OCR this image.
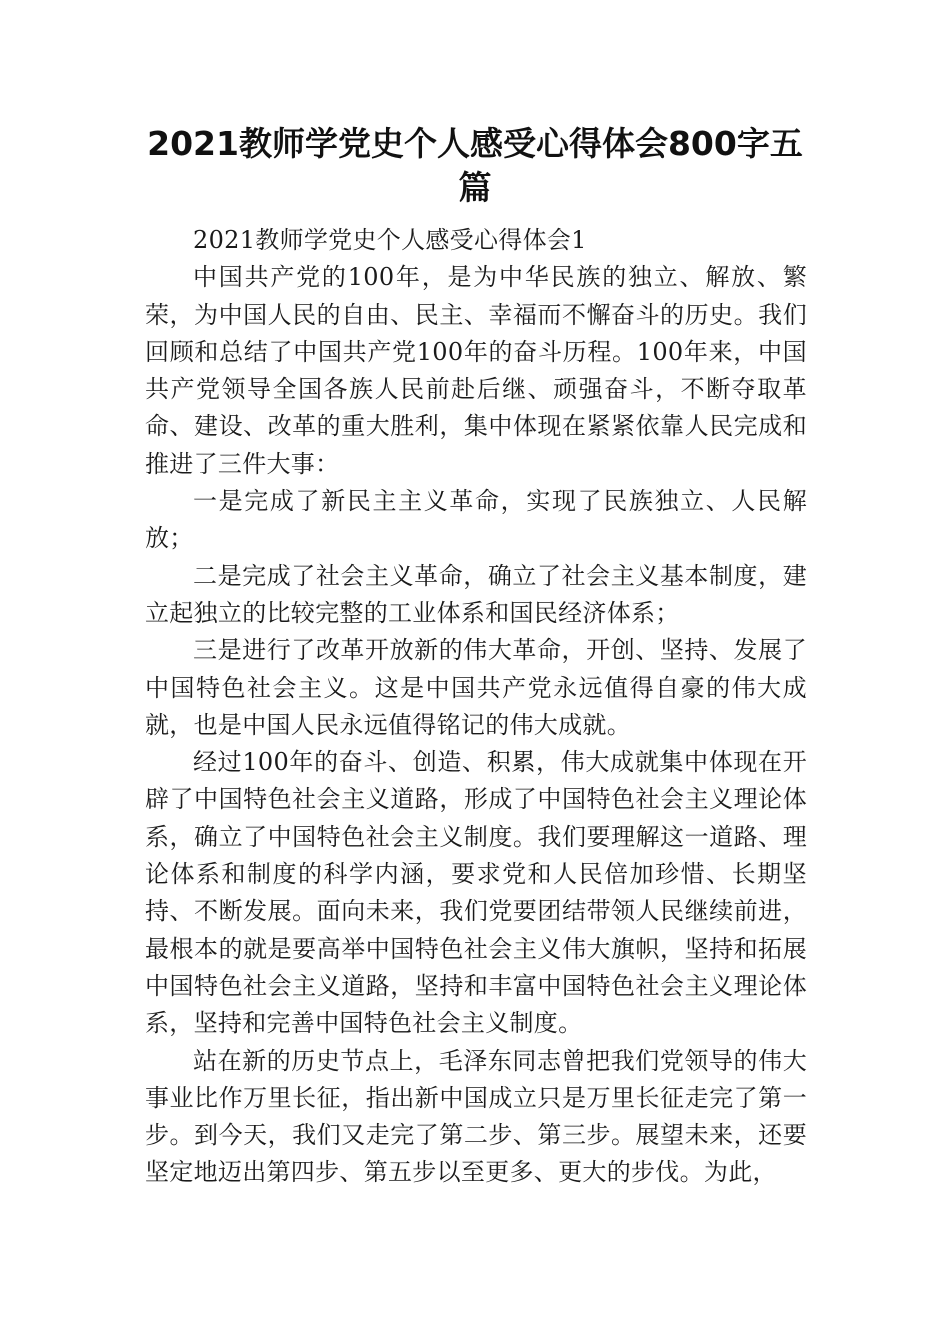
2021教师学党史个人感受心得体会800字五篇

2021教师学党史个人感受心得体会1

中国共产党的100年，是为中华民族的独立、解放、繁荣，为中国人民的自由、民主、幸福而不懈奋斗的历史。我们回顾和总结了中国共产党100年的奋斗历程。100年来，中国共产党领导全国各族人民前赴后继、顽强奋斗，不断夺取革命、建设、改革的重大胜利，集中体现在紧紧依靠人民完成和推进了三件大事：

一是完成了新民主主义革命，实现了民族独立、人民解放；

二是完成了社会主义革命，确立了社会主义基本制度，建立起独立的比较完整的工业体系和国民经济体系；

三是进行了改革开放新的伟大革命，开创、坚持、发展了中国特色社会主义。这是中国共产党永远值得自豪的伟大成就，也是中国人民永远值得铭记的伟大成就。

经过100年的奋斗、创造、积累，伟大成就集中体现在开辟了中国特色社会主义道路，形成了中国特色社会主义理论体系，确立了中国特色社会主义制度。我们要理解这一道路、理论体系和制度的科学内涵，要求党和人民倍加珍惜、长期坚持、不断发展。面向未来，我们党要团结带领人民继续前进，最根本的就是要高举中国特色社会主义伟大旗帜，坚持和拓展中国特色社会主义道路，坚持和丰富中国特色社会主义理论体系，坚持和完善中国特色社会主义制度。

站在新的历史节点上，毛泽东同志曾把我们党领导的伟大事业比作万里长征，指出新中国成立只是万里长征走完了第一步。到今天，我们又走完了第二步、第三步。展望未来，还要坚定地迈出第四步、第五步以至更多、更大的步伐。为此，
